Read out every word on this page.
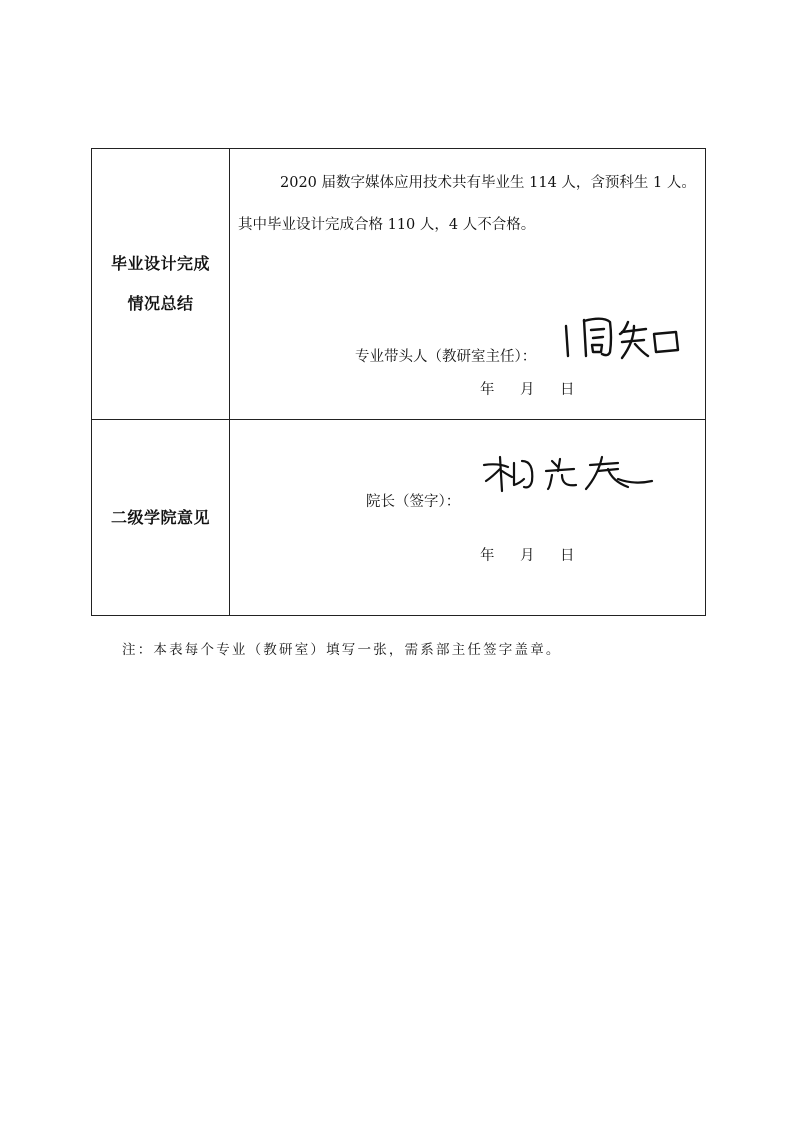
毕业设计完成
情况总结
2020 届数字媒体应用技术共有毕业生 114 人，含预科生 1 人。
其中毕业设计完成合格 110 人，4 人不合格。
专业带头人（教研室主任）：
二级学院意见
院长（签字）：
年 月 日
年 月 日
注：本表每个专业（教研室）填写一张，需系部主任签字盖章。
